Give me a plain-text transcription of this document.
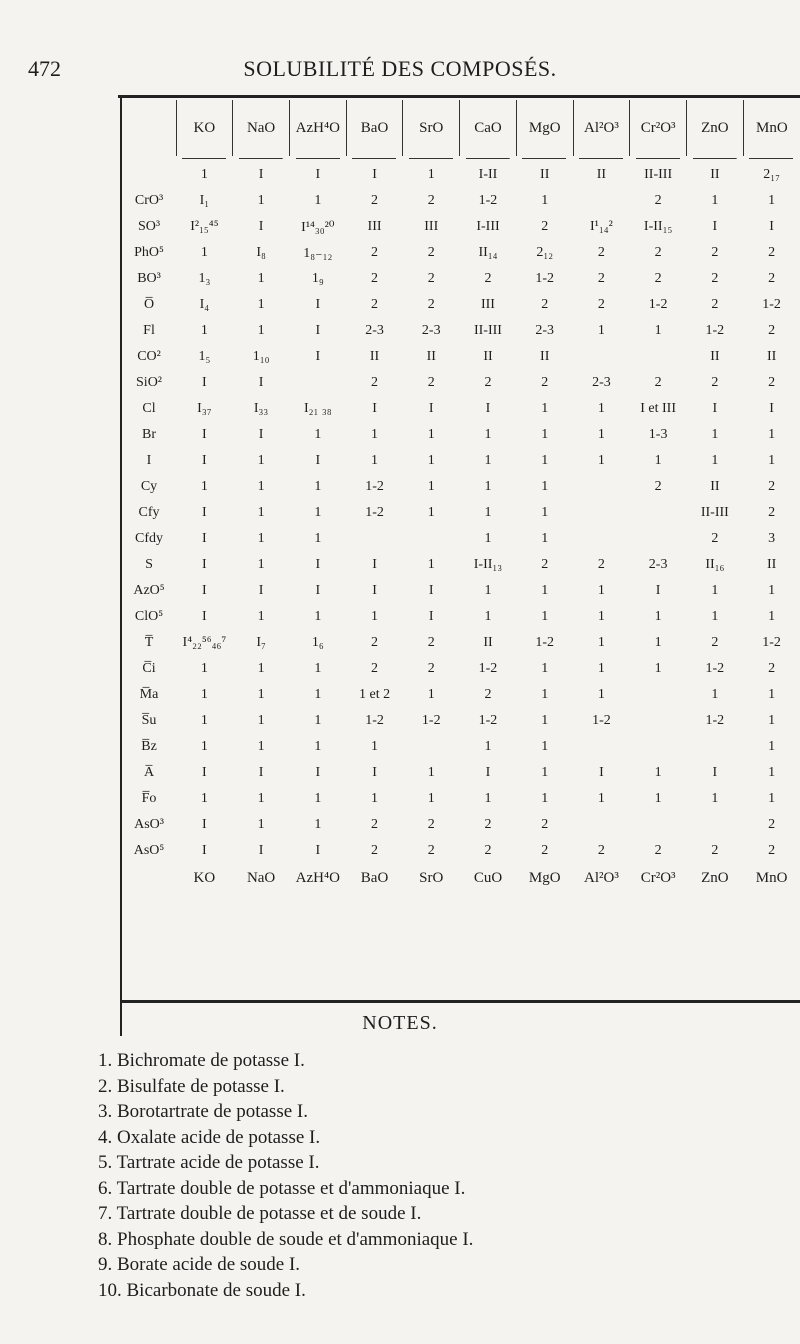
472	SOLUBILITÉ DES COMPOSÉS.
	KO	NaO	AzH⁴O	BaO	SrO	CaO	MgO	Al²O³	Cr²O³	ZnO	MnO

	1	I	I	I	1	I-II	II	II	II-III	II	2₁₇
CrO³	I₁	1	1	2	2	1-2	1		2	1	1
SO³	I²₁₅⁴⁵	I	I¹⁴₃₀²⁰	III	III	I-III	2	I¹₁₄²	I-II₁₅	I	I
PhO⁵	1	I₈	1₈₋₁₂	2	2	II₁₄	2₁₂	2	2	2	2
BO³	1₃	1	1₉	2	2	2	1-2	2	2	2	2
O̅	I₄	1	I	2	2	III	2	2	1-2	2	1-2
Fl	1	1	I	2-3	2-3	II-III	2-3	1	1	1-2	2
CO²	1₅	1₁₀	I	II	II	II	II			II	II
SiO²	I	I		2	2	2	2	2-3	2	2	2
Cl	I₃₇	I₃₃	I₂₁ ₃₈	I	I	I	1	1	I et III	I	I
Br	I	I	1	1	1	1	1	1	1-3	1	1
I	I	1	I	1	1	1	1	1	1	1	1
Cy	1	1	1	1-2	1	1	1		2	II	2
Cfy	I	1	1	1-2	1	1	1			II-III	2
Cfdy	I	1	1			1	1			2	3
S	I	1	I	I	1	I-II₁₃	2	2	2-3	II₁₆	II
AzO⁵	I	I	I	I	I	1	1	1	I	1	1
ClO⁵	I	1	1	1	I	1	1	1	1	1	1
T̅	I⁴₂₂⁵⁶₄₆⁷	I₇	1₆	2	2	II	1-2	1	1	2	1-2
C̅i	1	1	1	2	2	1-2	1	1	1	1-2	2
M̅a	1	1	1	1 et 2	1	2	1	1		1	1
S̅u	1	1	1	1-2	1-2	1-2	1	1-2		1-2	1
B̅z	1	1	1	1		1	1				1
A̅	I	I	I	I	1	I	1	I	1	I	1
F̅o	1	1	1	1	1	1	1	1	1	1	1
AsO³	I	1	1	2	2	2	2				2
AsO⁵	I	I	I	2	2	2	2	2	2	2	2
	KO	NaO	AzH⁴O	BaO	SrO	CuO	MgO	Al²O³	Cr²O³	ZnO	MnO
NOTES.
1. Bichromate de potasse I.
2. Bisulfate de potasse I.
3. Borotartrate de potasse I.
4. Oxalate acide de potasse I.
5. Tartrate acide de potasse I.
6. Tartrate double de potasse et d'ammoniaque I.
7. Tartrate double de potasse et de soude I.
8. Phosphate double de soude et d'ammoniaque I.
9. Borate acide de soude I.
10. Bicarbonate de soude I.
